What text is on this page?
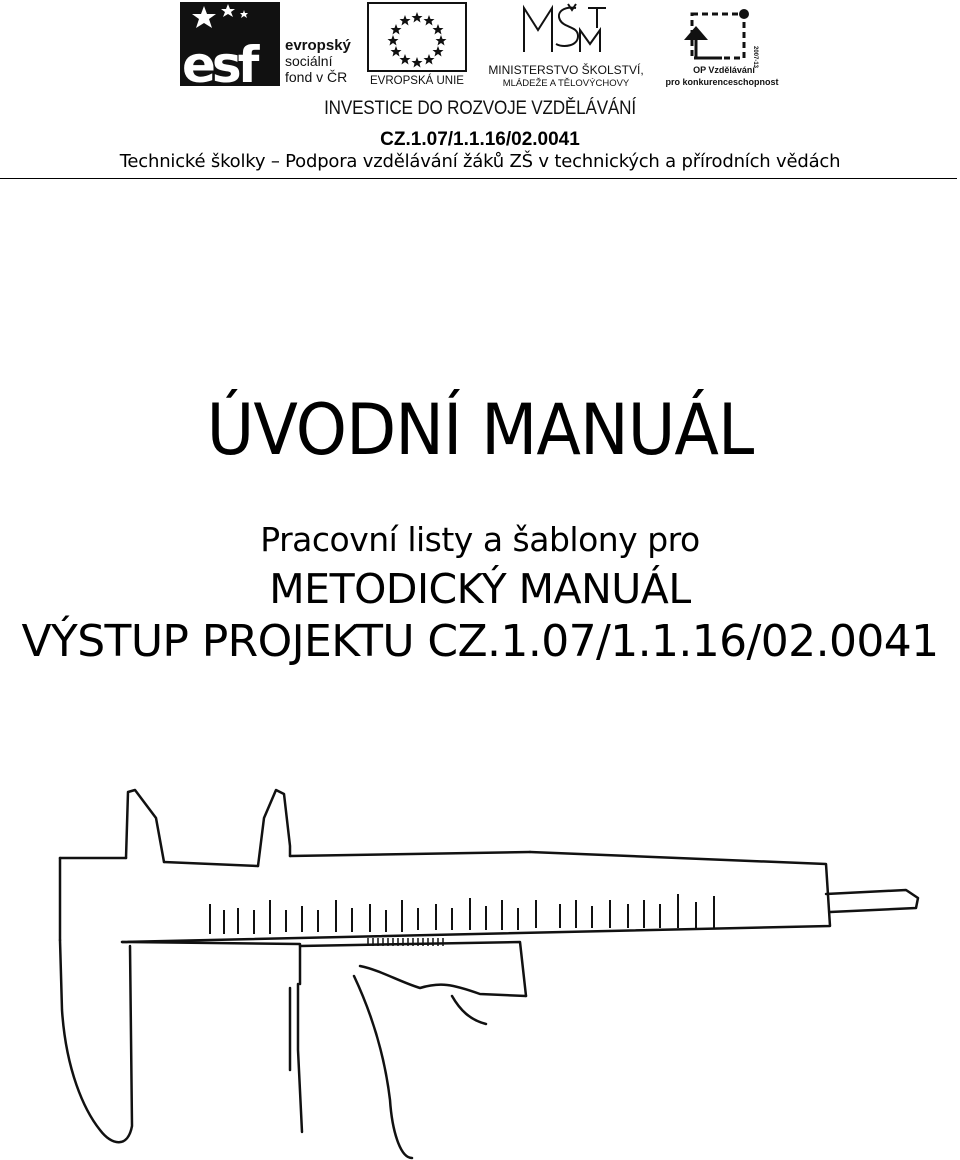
esf	evropský
sociální
fond v ČR EVROPSKÁ UNIE
MINISTERSTVO ŠKOLSTVÍ,
MLÁDEŽE A TĚLOVÝCHOVY
2007-13
OP Vzdělávání
pro konkurenceschopnost
INVESTICE DO ROZVOJE VZDĚLÁVÁNÍ
CZ.1.07/1.1.16/02.0041
Technické školky – Podpora vzdělávání žáků ZŠ v technických a přírodních vědách
ÚVODNÍ MANUÁL
Pracovní listy a šablony pro
METODICKÝ MANUÁL
VÝSTUP PROJEKTU CZ.1.07/1.1.16/02.0041
